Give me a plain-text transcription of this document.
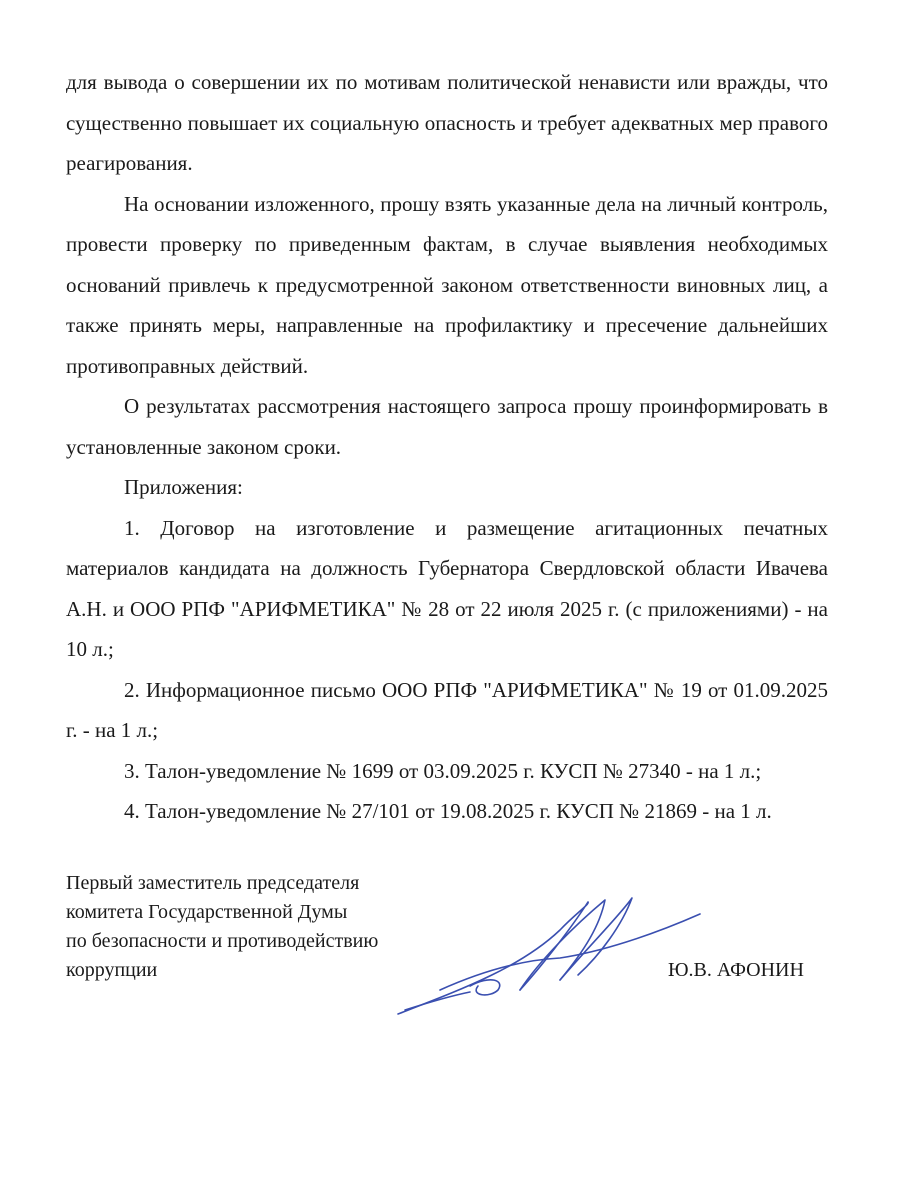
для вывода о совершении их по мотивам политической ненависти или вражды, что существенно повышает их социальную опасность и требует адекватных мер правого реагирования.

На основании изложенного, прошу взять указанные дела на личный контроль, провести проверку по приведенным фактам, в случае выявления необходимых оснований привлечь к предусмотренной законом ответственности виновных лиц, а также принять меры, направленные на профилактику и пресечение дальнейших противоправных действий.

О результатах рассмотрения настоящего запроса прошу проинформировать в установленные законом сроки.

Приложения:

1. Договор на изготовление и размещение агитационных печатных материалов кандидата на должность Губернатора Свердловской области Ивачева А.Н. и ООО РПФ "АРИФМЕТИКА" № 28 от 22 июля 2025 г. (с приложениями) - на 10 л.;

2. Информационное письмо ООО РПФ "АРИФМЕТИКА" № 19 от 01.09.2025 г. - на 1 л.;

3. Талон-уведомление № 1699 от 03.09.2025 г. КУСП № 27340 - на 1 л.;

4. Талон-уведомление № 27/101 от 19.08.2025 г. КУСП № 21869 - на 1 л.

Первый заместитель председателя
комитета Государственной Думы
по безопасности и противодействию
коррупции	Ю.В. АФОНИН
